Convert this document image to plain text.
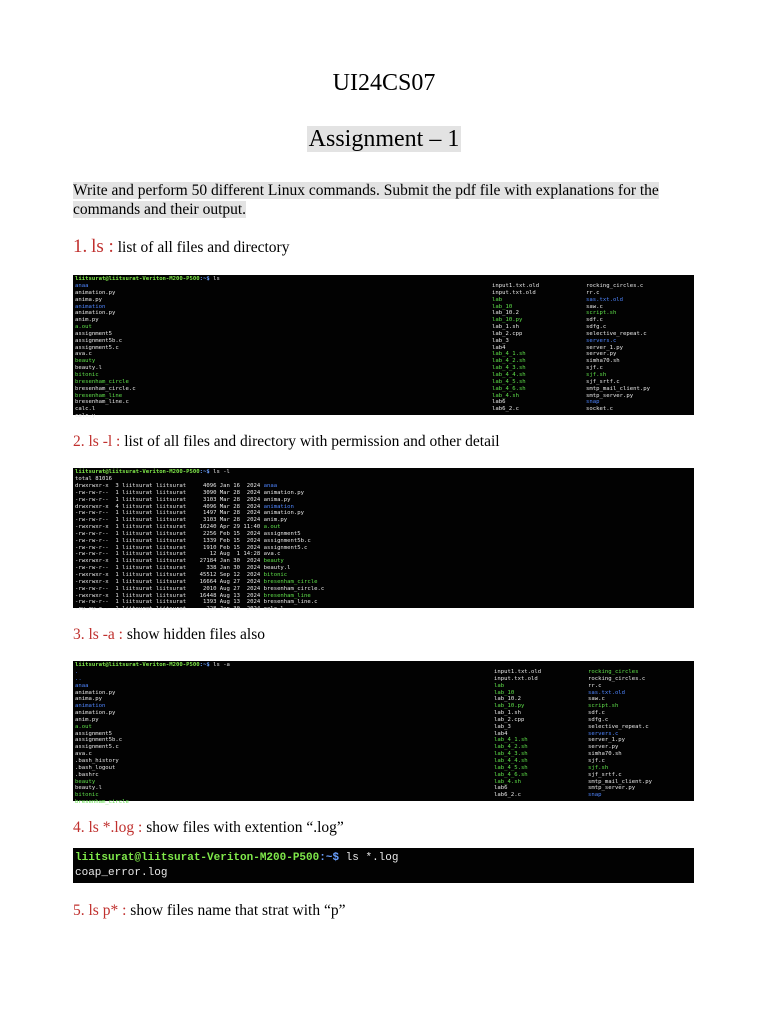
UI24CS07
Assignment – 1
Write and perform 50 different Linux commands. Submit the pdf file with explanations for the commands and their output.
1. ls : list of all files and directory
liitsurat@liitsurat-Veriton-M200-P500:~$ ls
anaa
animation.py
anima.py
animation
animation.py
anim.py
a.out
assignment5
assignment5b.c
assignment5.c
ava.c
beauty
beauty.l
bitonic
bresenham_circle
bresenham_circle.c
bresenham_line
bresenham_line.c
calc.l
calc.y
input1.txt.old
input.txt.old
lab
lab_10
lab_10.2
lab_10.py
lab_1.sh
lab_2.cpp
lab_3
lab4
lab_4_1.sh
lab_4_2.sh
lab_4_3.sh
lab_4_4.sh
lab_4_5.sh
lab_4_6.sh
lab_4.sh
lab6
lab6_2.c
rocking_circles.c
rr.c
sas.txt.old
saw.c
script.sh
sdf.c
sdfg.c
selective_repeat.c
servers.c
server_1.py
server.py
simha70.sh
sjf.c
sjf.sh
sjf_srtf.c
smtp_mail_client.py
smtp_server.py
snap
socket.c
2. ls -l : list of all files and directory with permission and other detail
liitsurat@liitsurat-Veriton-M200-P500:~$ ls -l
total 81016
drwxrwxr-x  3 liitsurat liitsurat     4096 Jan 16  2024 anaa
-rw-rw-r--  1 liitsurat liitsurat     3090 Mar 28  2024 animation.py
-rw-rw-r--  1 liitsurat liitsurat     3103 Mar 28  2024 anima.py
drwxrwxr-x  4 liitsurat liitsurat     4096 Mar 28  2024 animation
-rw-rw-r--  1 liitsurat liitsurat     1497 Mar 28  2024 animation.py
-rw-rw-r--  1 liitsurat liitsurat     3103 Mar 28  2024 anim.py
-rwxrwxr-x  1 liitsurat liitsurat    16240 Apr 29 11:40 a.out
-rw-rw-r--  1 liitsurat liitsurat     2256 Feb 15  2024 assignment5
-rw-rw-r--  1 liitsurat liitsurat     1339 Feb 15  2024 assignment5b.c
-rw-rw-r--  1 liitsurat liitsurat     1910 Feb 15  2024 assignment5.c
-rw-rw-r--  1 liitsurat liitsurat       12 Aug  1 14:28 ava.c
-rwxrwxr-x  1 liitsurat liitsurat    27184 Jan 30  2024 beauty
-rw-rw-r--  1 liitsurat liitsurat      338 Jan 30  2024 beauty.l
-rwxrwxr-x  1 liitsurat liitsurat    45512 Sep 12  2024 bitonic
-rwxrwxr-x  1 liitsurat liitsurat    16664 Aug 27  2024 bresenham_circle
-rw-rw-r--  1 liitsurat liitsurat     2010 Aug 27  2024 bresenham_circle.c
-rwxrwxr-x  1 liitsurat liitsurat    16448 Aug 13  2024 bresenham_line
-rw-rw-r--  1 liitsurat liitsurat     1393 Aug 13  2024 bresenham_line.c
-rw-rw-r--  1 liitsurat liitsurat      228 Jan 30  2024 calc.l
3. ls -a : show hidden files also
liitsurat@liitsurat-Veriton-M200-P500:~$ ls -a
.
..
anaa
animation.py
anima.py
animation
animation.py
anim.py
a.out
assignment5
assignment5b.c
assignment5.c
ava.c
.bash_history
.bash_logout
.bashrc
beauty
beauty.l
bitonic
bresenham_circle
input1.txt.old
input.txt.old
lab
lab_10
lab_10.2
lab_10.py
lab_1.sh
lab_2.cpp
lab_3
lab4
lab_4_1.sh
lab_4_2.sh
lab_4_3.sh
lab_4_4.sh
lab_4_5.sh
lab_4_6.sh
lab_4.sh
lab6
lab6_2.c
rocking_circles
rocking_circles.c
rr.c
sas.txt.old
saw.c
script.sh
sdf.c
sdfg.c
selective_repeat.c
servers.c
server_1.py
server.py
simha70.sh
sjf.c
sjf.sh
sjf_srtf.c
smtp_mail_client.py
smtp_server.py
snap
4. ls *.log : show files with extention “.log”
liitsurat@liitsurat-Veriton-M200-P500:~$ ls *.log
coap_error.log
5. ls p* : show files name that strat with “p”
